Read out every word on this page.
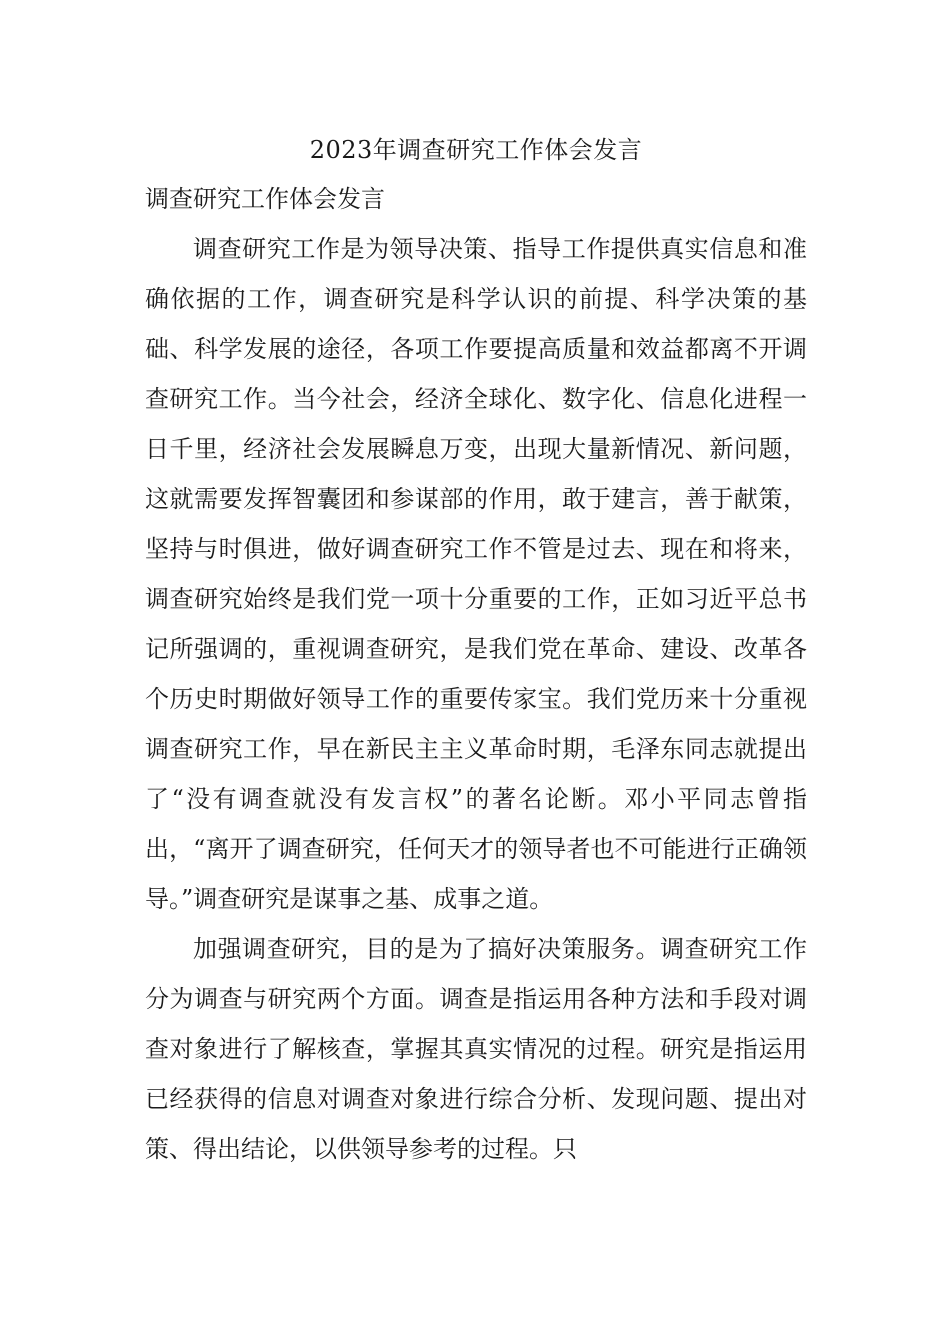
2023年调查研究工作体会发言

调查研究工作体会发言

调查研究工作是为领导决策、指导工作提供真实信息和准确依据的工作，调查研究是科学认识的前提、科学决策的基础、科学发展的途径，各项工作要提高质量和效益都离不开调查研究工作。当今社会，经济全球化、数字化、信息化进程一日千里，经济社会发展瞬息万变，出现大量新情况、新问题，这就需要发挥智囊团和参谋部的作用，敢于建言，善于献策，坚持与时俱进，做好调查研究工作不管是过去、现在和将来，调查研究始终是我们党一项十分重要的工作，正如习近平总书记所强调的，重视调查研究，是我们党在革命、建设、改革各个历史时期做好领导工作的重要传家宝。我们党历来十分重视调查研究工作，早在新民主主义革命时期，毛泽东同志就提出了“没有调查就没有发言权”的著名论断。邓小平同志曾指出，“离开了调查研究，任何天才的领导者也不可能进行正确领导。”调查研究是谋事之基、成事之道。

加强调查研究，目的是为了搞好决策服务。调查研究工作分为调查与研究两个方面。调查是指运用各种方法和手段对调查对象进行了解核查，掌握其真实情况的过程。研究是指运用已经获得的信息对调查对象进行综合分析、发现问题、提出对策、得出结论，以供领导参考的过程。只
